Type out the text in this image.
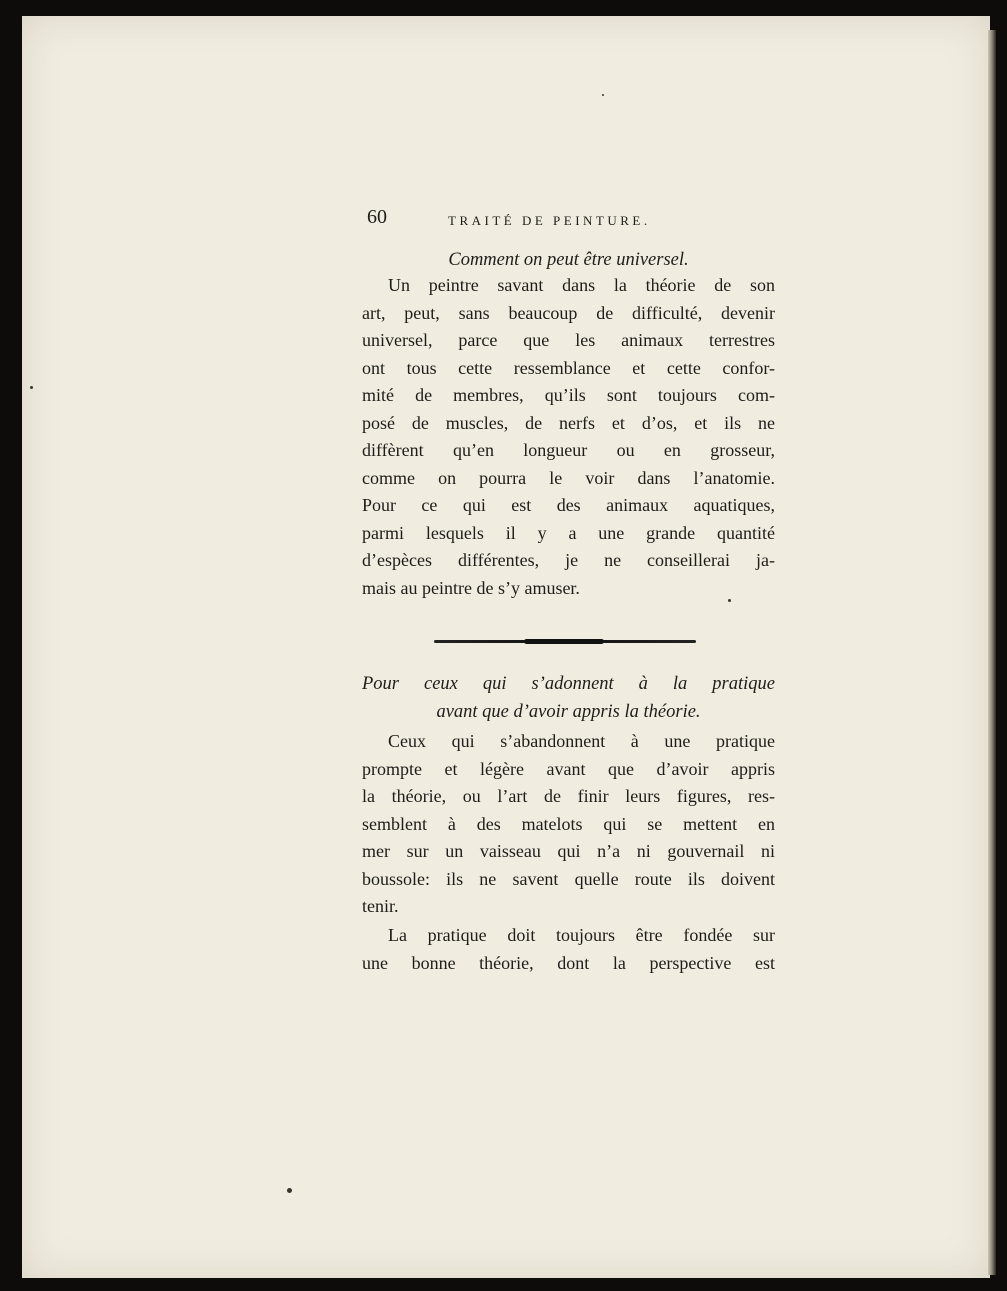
60	TRAITÉ DE PEINTURE.
Comment on peut être universel.

Un peintre savant dans la théorie de son
art, peut, sans beaucoup de difficulté, devenir
universel, parce que les animaux terrestres
ont tous cette ressemblance et cette confor-
mité de membres, qu’ils sont toujours com-
posé de muscles, de nerfs et d’os, et ils ne
diffèrent qu’en longueur ou en grosseur,
comme on pourra le voir dans l’anatomie.
Pour ce qui est des animaux aquatiques,
parmi lesquels il y a une grande quantité
d’espèces différentes, je ne conseillerai ja-
mais au peintre de s’y amuser.

Pour ceux qui s’adonnent à la pratique
avant que d’avoir appris la théorie.

Ceux qui s’abandonnent à une pratique
prompte et légère avant que d’avoir appris
la théorie, ou l’art de finir leurs figures, res-
semblent à des matelots qui se mettent en
mer sur un vaisseau qui n’a ni gouvernail ni
boussole: ils ne savent quelle route ils doivent
tenir.

La pratique doit toujours être fondée sur
une bonne théorie, dont la perspective est
